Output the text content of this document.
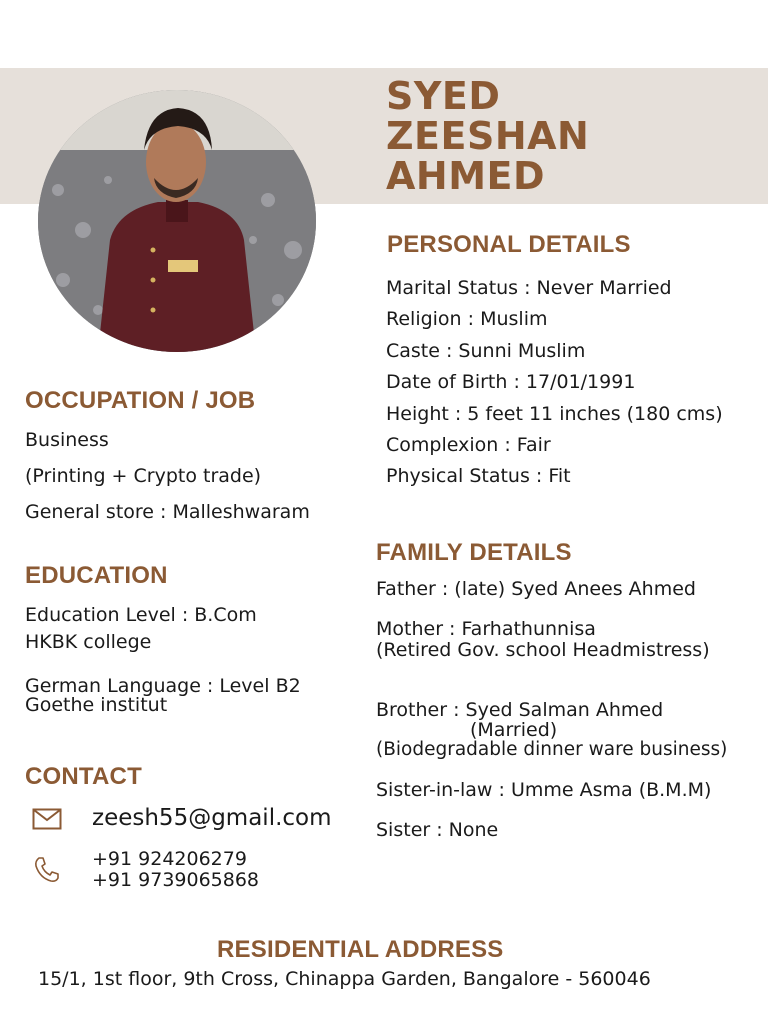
SYED
ZEESHAN
AHMED
PERSONAL DETAILS

Marital Status : Never Married

Religion : Muslim

Caste : Sunni Muslim

Date of Birth : 17/01/1991

Height : 5 feet 11 inches (180 cms)

Complexion : Fair

Physical Status : Fit

OCCUPATION / JOB

Business

(Printing + Crypto trade)

General store : Malleshwaram

EDUCATION

Education Level : B.Com

HKBK college

German Language : Level B2

Goethe institut

CONTACT

zeesh55@gmail.com

+91 924206279

+91 9739065868

FAMILY DETAILS

Father : (late) Syed Anees Ahmed

Mother : Farhathunnisa

(Retired Gov. school Headmistress)

Brother : Syed Salman Ahmed

(Married)

(Biodegradable dinner ware business)

Sister-in-law : Umme Asma (B.M.M)

Sister : None

RESIDENTIAL ADDRESS

15/1, 1st floor, 9th Cross, Chinappa Garden, Bangalore - 560046
